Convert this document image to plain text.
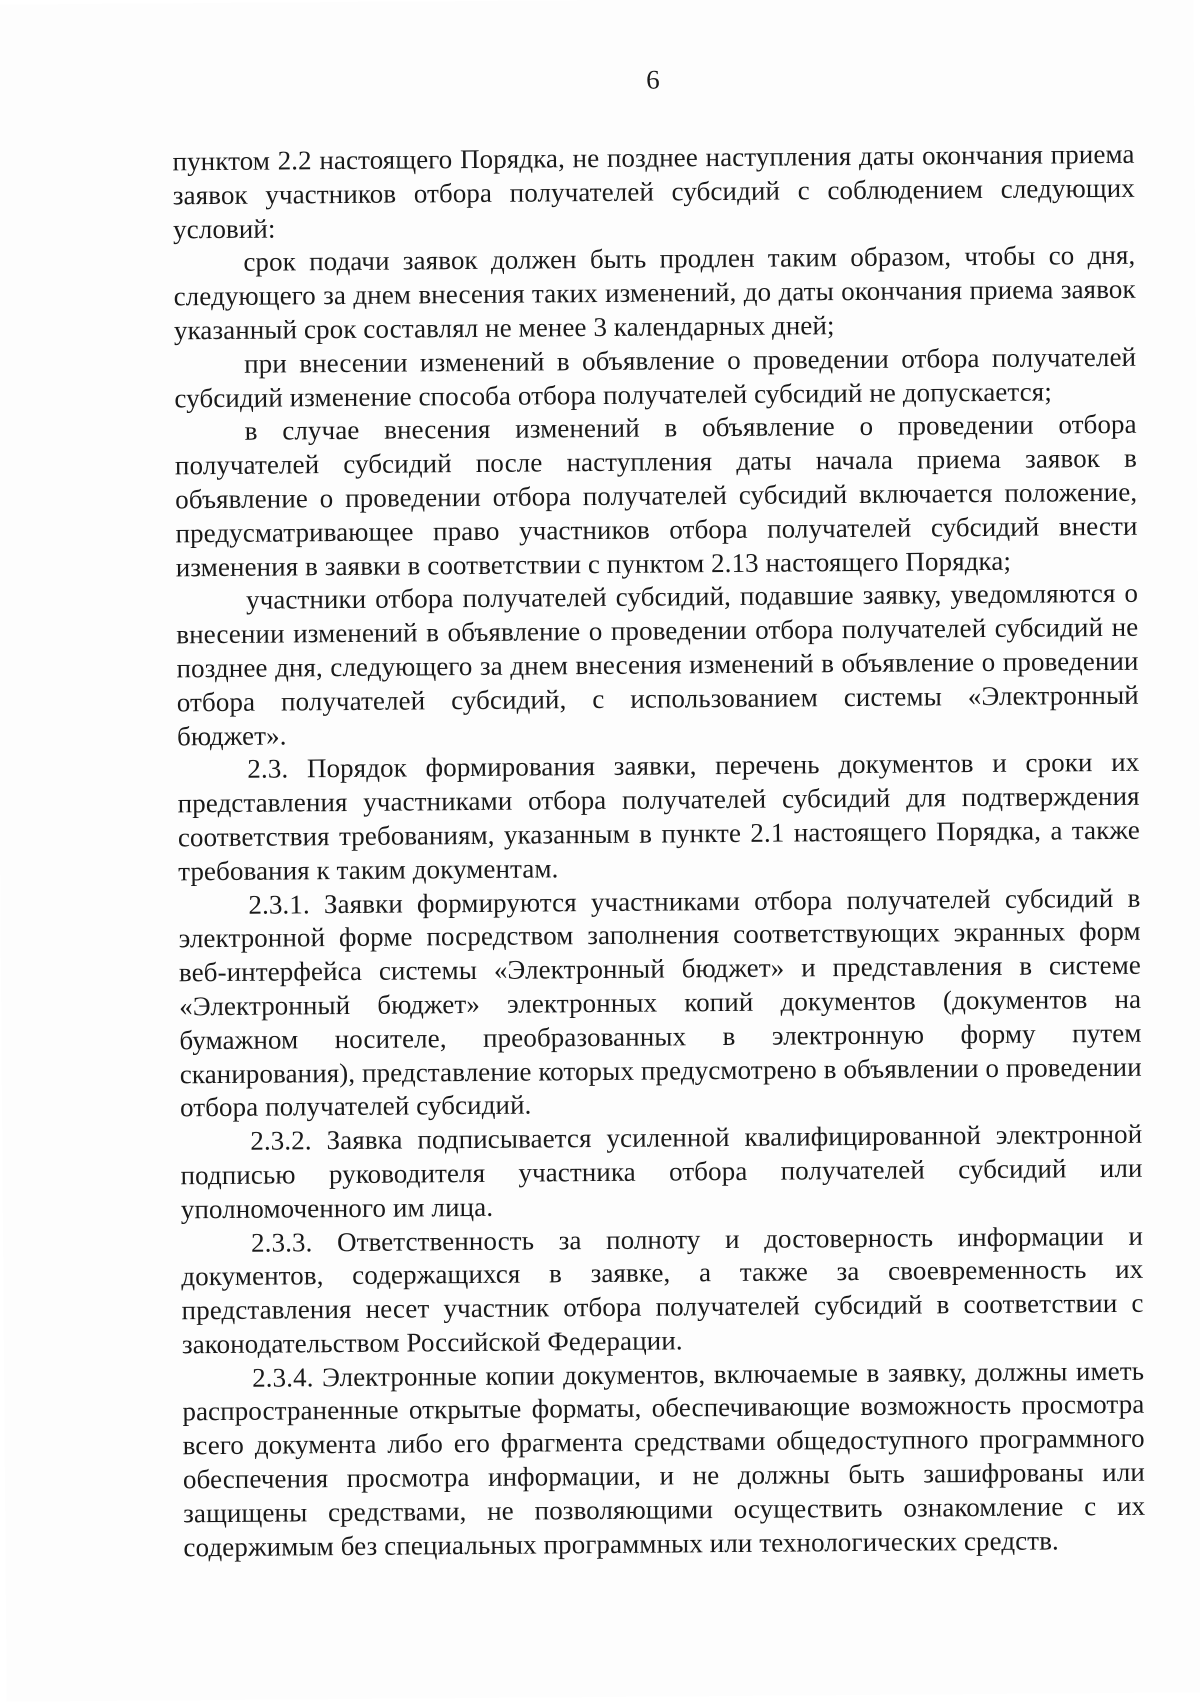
6

пунктом 2.2 настоящего Порядка, не позднее наступления даты окончания приема заявок участников отбора получателей субсидий с соблюдением следующих условий:

срок подачи заявок должен быть продлен таким образом, чтобы со дня, следующего за днем внесения таких изменений, до даты окончания приема заявок указанный срок составлял не менее 3 календарных дней;

при внесении изменений в объявление о проведении отбора получателей субсидий изменение способа отбора получателей субсидий не допускается;

в случае внесения изменений в объявление о проведении отбора получателей субсидий после наступления даты начала приема заявок в объявление о проведении отбора получателей субсидий включается положение, предусматривающее право участников отбора получателей субсидий внести изменения в заявки в соответствии с пунктом 2.13 настоящего Порядка;

участники отбора получателей субсидий, подавшие заявку, уведомляются о внесении изменений в объявление о проведении отбора получателей субсидий не позднее дня, следующего за днем внесения изменений в объявление о проведении отбора получателей субсидий, с использованием системы «Электронный бюджет».

2.3. Порядок формирования заявки, перечень документов и сроки их представления участниками отбора получателей субсидий для подтверждения соответствия требованиям, указанным в пункте 2.1 настоящего Порядка, а также требования к таким документам.

2.3.1. Заявки формируются участниками отбора получателей субсидий в электронной форме посредством заполнения соответствующих экранных форм веб-интерфейса системы «Электронный бюджет» и представления в системе «Электронный бюджет» электронных копий документов (документов на бумажном носителе, преобразованных в электронную форму путем сканирования), представление которых предусмотрено в объявлении о проведении отбора получателей субсидий.

2.3.2. Заявка подписывается усиленной квалифицированной электронной подписью руководителя участника отбора получателей субсидий или уполномоченного им лица.

2.3.3. Ответственность за полноту и достоверность информации и документов, содержащихся в заявке, а также за своевременность их представления несет участник отбора получателей субсидий в соответствии с законодательством Российской Федерации.

2.3.4. Электронные копии документов, включаемые в заявку, должны иметь распространенные открытые форматы, обеспечивающие возможность просмотра всего документа либо его фрагмента средствами общедоступного программного обеспечения просмотра информации, и не должны быть зашифрованы или защищены средствами, не позволяющими осуществить ознакомление с их содержимым без специальных программных или технологических средств.
